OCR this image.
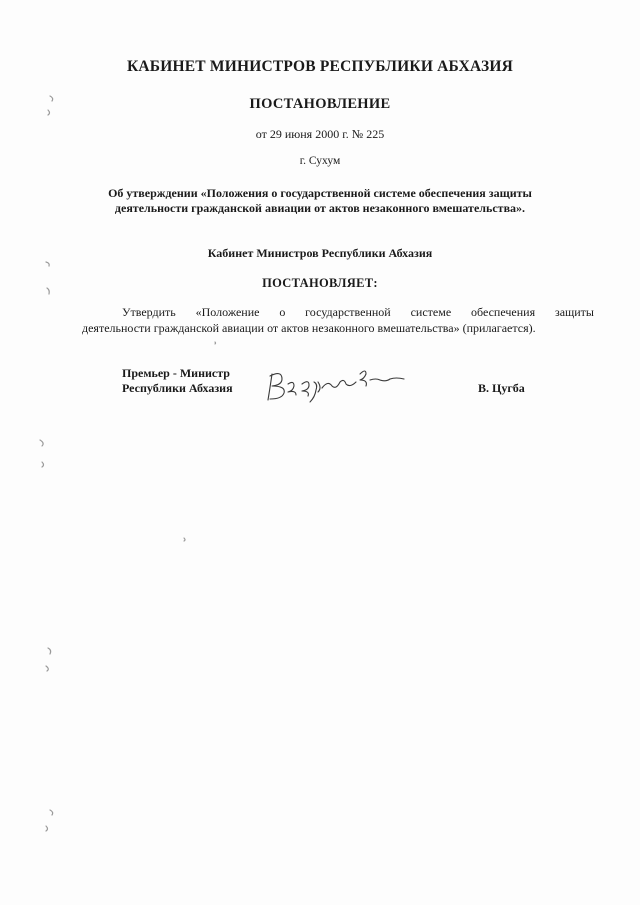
КАБИНЕТ МИНИСТРОВ РЕСПУБЛИКИ АБХАЗИЯ
ПОСТАНОВЛЕНИЕ
от 29 июня 2000 г. № 225
г. Сухум
Об утверждении «Положения о государственной системе обеспечения защиты
деятельности гражданской авиации от актов незаконного вмешательства».
Кабинет Министров Республики Абхазия
ПОСТАНОВЛЯЕТ:
Утвердить «Положение о государственной системе обеспечения защиты
деятельности гражданской авиации от актов незаконного вмешательства» (прилагается).
Премьер - Министр
Республики Абхазия	В. Цугба
